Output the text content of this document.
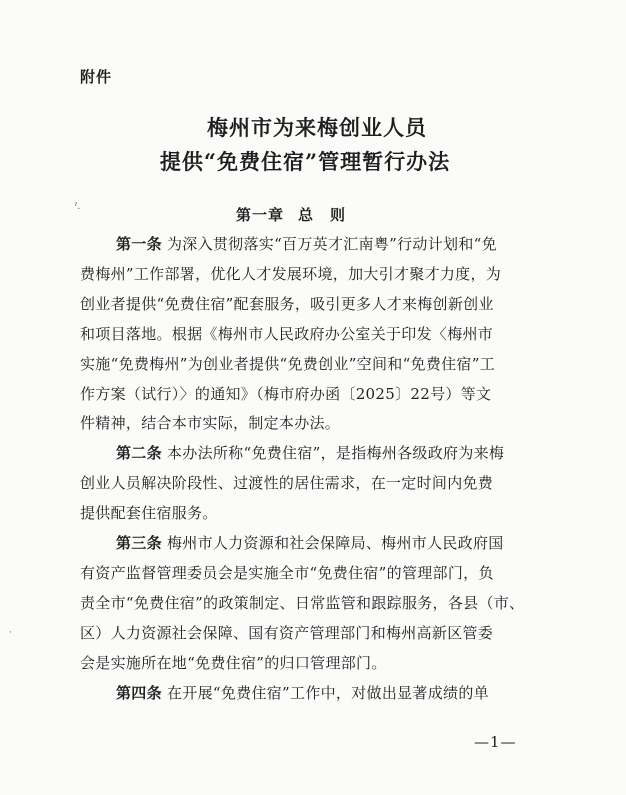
附件
梅州市为来梅创业人员
提供“免费住宿”管理暂行办法
ˀ.
·
第一章 总　则
第一条 为深入贯彻落实“百万英才汇南粤”行动计划和“免
费梅州”工作部署，优化人才发展环境，加大引才聚才力度，为
创业者提供“免费住宿”配套服务，吸引更多人才来梅创新创业
和项目落地。根据《梅州市人民政府办公室关于印发〈梅州市
实施“免费梅州”为创业者提供“免费创业”空间和“免费住宿”工
作方案（试行）〉的通知》（梅市府办函〔2025〕22号）等文
件精神，结合本市实际，制定本办法。
第二条 本办法所称“免费住宿”，是指梅州各级政府为来梅
创业人员解决阶段性、过渡性的居住需求，在一定时间内免费
提供配套住宿服务。
第三条 梅州市人力资源和社会保障局、梅州市人民政府国
有资产监督管理委员会是实施全市“免费住宿”的管理部门，负
责全市“免费住宿”的政策制定、日常监管和跟踪服务，各县（市、
区）人力资源社会保障、国有资产管理部门和梅州高新区管委
会是实施所在地“免费住宿”的归口管理部门。
第四条 在开展“免费住宿”工作中，对做出显著成绩的单
—1—
